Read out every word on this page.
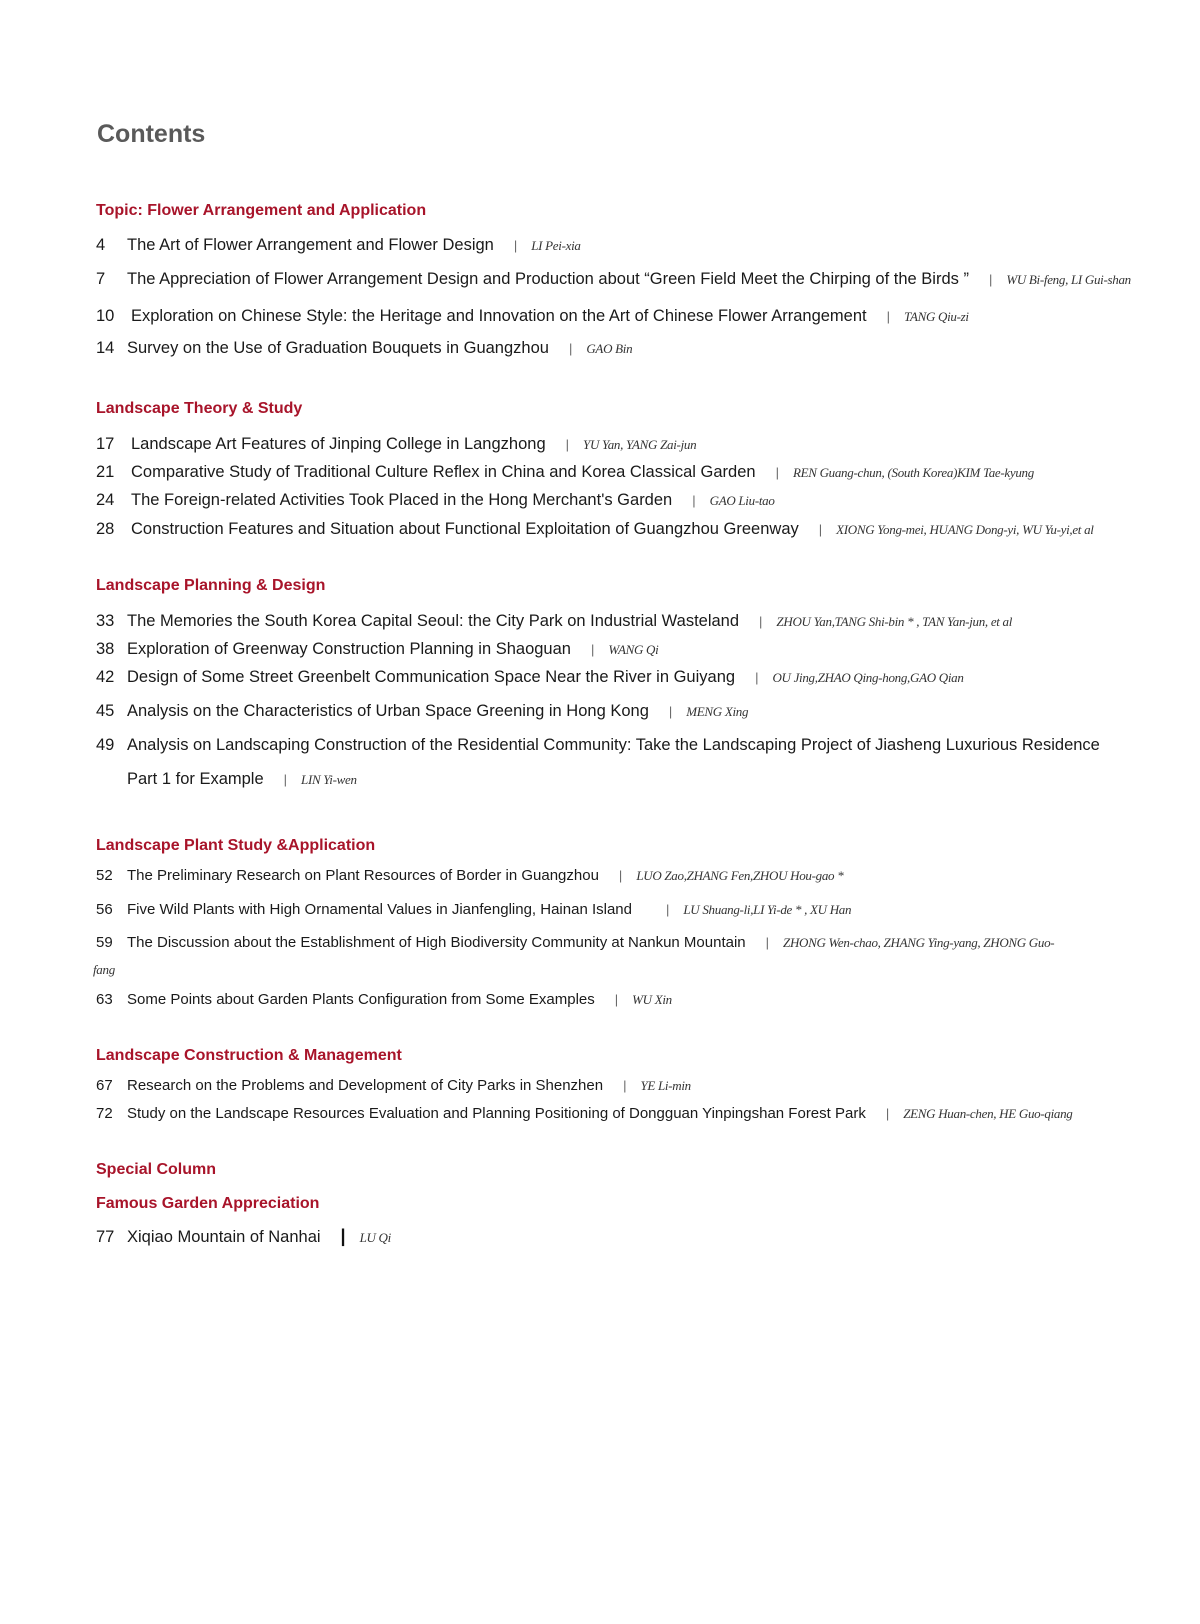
Contents
Topic: Flower Arrangement and Application
4 The Art of Flower Arrangement and Flower Design | LI Pei-xia
7 The Appreciation of Flower Arrangement Design and Production about “Green Field Meet the Chirping of the Birds ” | WU Bi-feng, LI Gui-shan
10 Exploration on Chinese Style: the Heritage and Innovation on the Art of Chinese Flower Arrangement | TANG Qiu-zi
14 Survey on the Use of Graduation Bouquets in Guangzhou | GAO Bin
Landscape Theory & Study
17 Landscape Art Features of Jinping College in Langzhong | YU Yan, YANG Zai-jun
21 Comparative Study of Traditional Culture Reflex in China and Korea Classical Garden | REN Guang-chun, (South Korea)KIM Tae-kyung
24 The Foreign-related Activities Took Placed in the Hong Merchant's Garden | GAO Liu-tao
28 Construction Features and Situation about Functional Exploitation of Guangzhou Greenway | XIONG Yong-mei, HUANG Dong-yi, WU Yu-yi,et al
Landscape Planning & Design
33 The Memories the South Korea Capital Seoul: the City Park on Industrial Wasteland | ZHOU Yan,TANG Shi-bin * , TAN Yan-jun, et al
38 Exploration of Greenway Construction Planning in Shaoguan | WANG Qi
42 Design of Some Street Greenbelt Communication Space Near the River in Guiyang | OU Jing,ZHAO Qing-hong,GAO Qian
45 Analysis on the Characteristics of Urban Space Greening in Hong Kong | MENG Xing
49 Analysis on Landscaping Construction of the Residential Community: Take the Landscaping Project of Jiasheng Luxurious Residence
Part 1 for Example | LIN Yi-wen
Landscape Plant Study &Application
52 The Preliminary Research on Plant Resources of Border in Guangzhou | LUO Zao,ZHANG Fen,ZHOU Hou-gao *
56 Five Wild Plants with High Ornamental Values in Jianfengling, Hainan Island	| LU Shuang-li,LI Yi-de * , XU Han
59 The Discussion about the Establishment of High Biodiversity Community at Nankun Mountain | ZHONG Wen-chao, ZHANG Ying-yang, ZHONG Guo-
fang
63 Some Points about Garden Plants Configuration from Some Examples | WU Xin
Landscape Construction & Management
67 Research on the Problems and Development of City Parks in Shenzhen | YE Li-min
72 Study on the Landscape Resources Evaluation and Planning Positioning of Dongguan Yinpingshan Forest Park | ZENG Huan-chen, HE Guo-qiang
Special Column
Famous Garden Appreciation
77 Xiqiao Mountain of Nanhai | LU Qi
